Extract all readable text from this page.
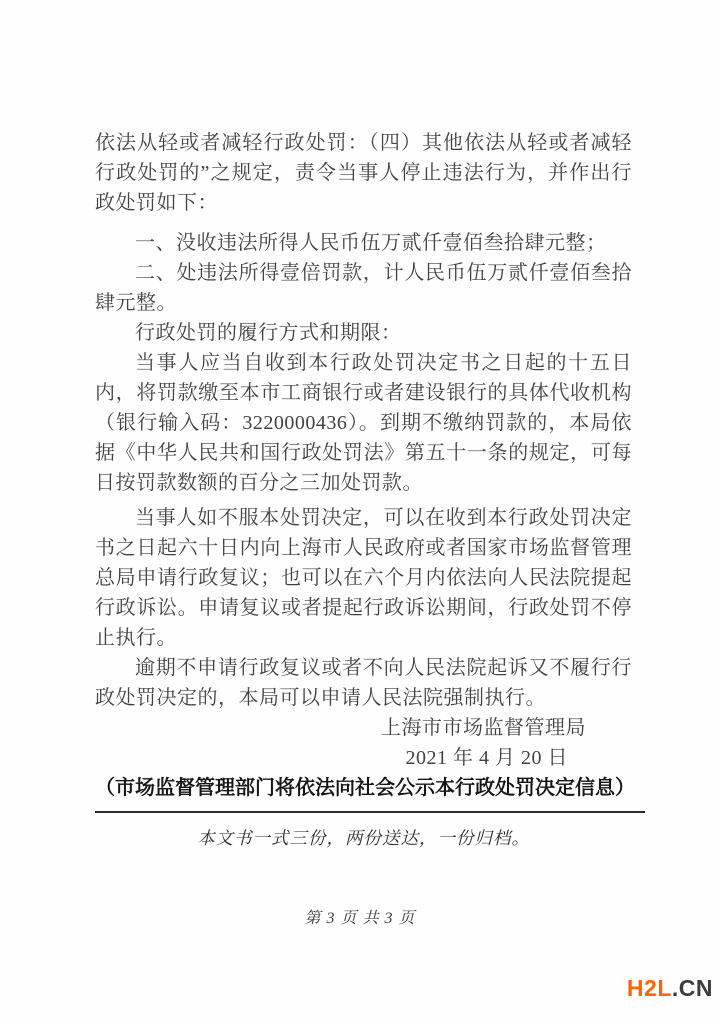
依法从轻或者减轻行政处罚：（四）其他依法从轻或者减轻行政处罚的”之规定，责令当事人停止违法行为，并作出行政处罚如下：

一、没收违法所得人民币伍万贰仟壹佰叁拾肆元整；

二、处违法所得壹倍罚款，计人民币伍万贰仟壹佰叁拾肆元整。

行政处罚的履行方式和期限：

当事人应当自收到本行政处罚决定书之日起的十五日内，将罚款缴至本市工商银行或者建设银行的具体代收机构（银行输入码：3220000436）。到期不缴纳罚款的，本局依据《中华人民共和国行政处罚法》第五十一条的规定，可每日按罚款数额的百分之三加处罚款。

当事人如不服本处罚决定，可以在收到本行政处罚决定书之日起六十日内向上海市人民政府或者国家市场监督管理总局申请行政复议；也可以在六个月内依法向人民法院提起行政诉讼。申请复议或者提起行政诉讼期间，行政处罚不停止执行。

逾期不申请行政复议或者不向人民法院起诉又不履行行政处罚决定的，本局可以申请人民法院强制执行。

上海市市场监督管理局

2021 年 4 月 20 日

（市场监督管理部门将依法向社会公示本行政处罚决定信息）

本文书一式三份，两份送达，一份归档。

第 3 页 共 3 页
H2L.CN
